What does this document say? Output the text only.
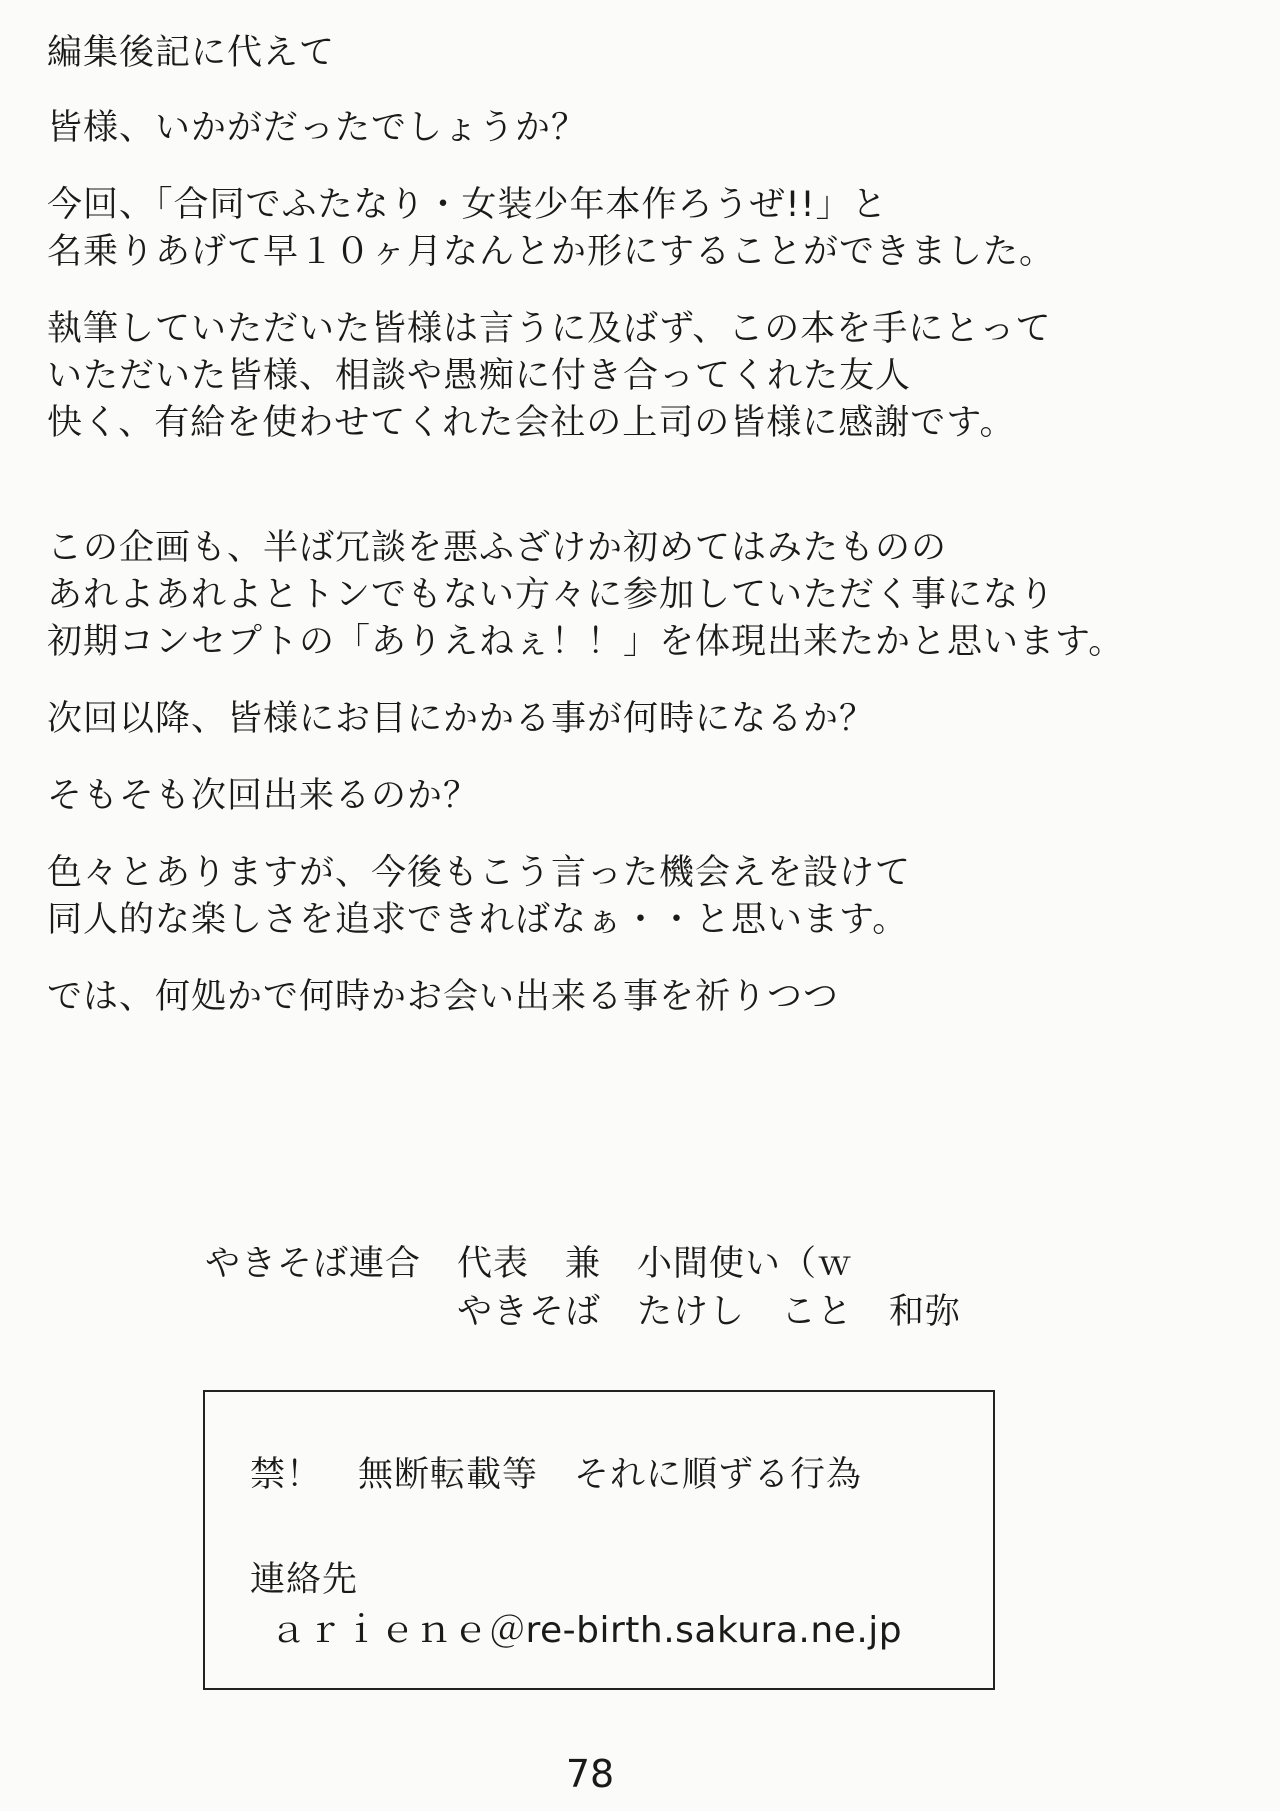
編集後記に代えて
皆様、いかがだったでしょうか？
今回、「合同でふたなり・女装少年本作ろうぜ!!」と
名乗りあげて早１０ヶ月なんとか形にすることができました。
執筆していただいた皆様は言うに及ばず、この本を手にとって
いただいた皆様、相談や愚痴に付き合ってくれた友人
快く、有給を使わせてくれた会社の上司の皆様に感謝です。
この企画も、半ば冗談を悪ふざけか初めてはみたものの
あれよあれよとトンでもない方々に参加していただく事になり
初期コンセプトの「ありえねぇ！！」を体現出来たかと思います。
次回以降、皆様にお目にかかる事が何時になるか？
そもそも次回出来るのか？
色々とありますが、今後もこう言った機会えを設けて
同人的な楽しさを追求できればなぁ・・と思います。
では、何処かで何時かお会い出来る事を祈りつつ
やきそば連合　代表　兼　小間使い（ｗ
　　　　　　　やきそば　たけし　こと　和弥
禁！　無断転載等　それに順ずる行為
連絡先
ａｒｉｅｎｅ＠re-birth.sakura.ne.jp
78
